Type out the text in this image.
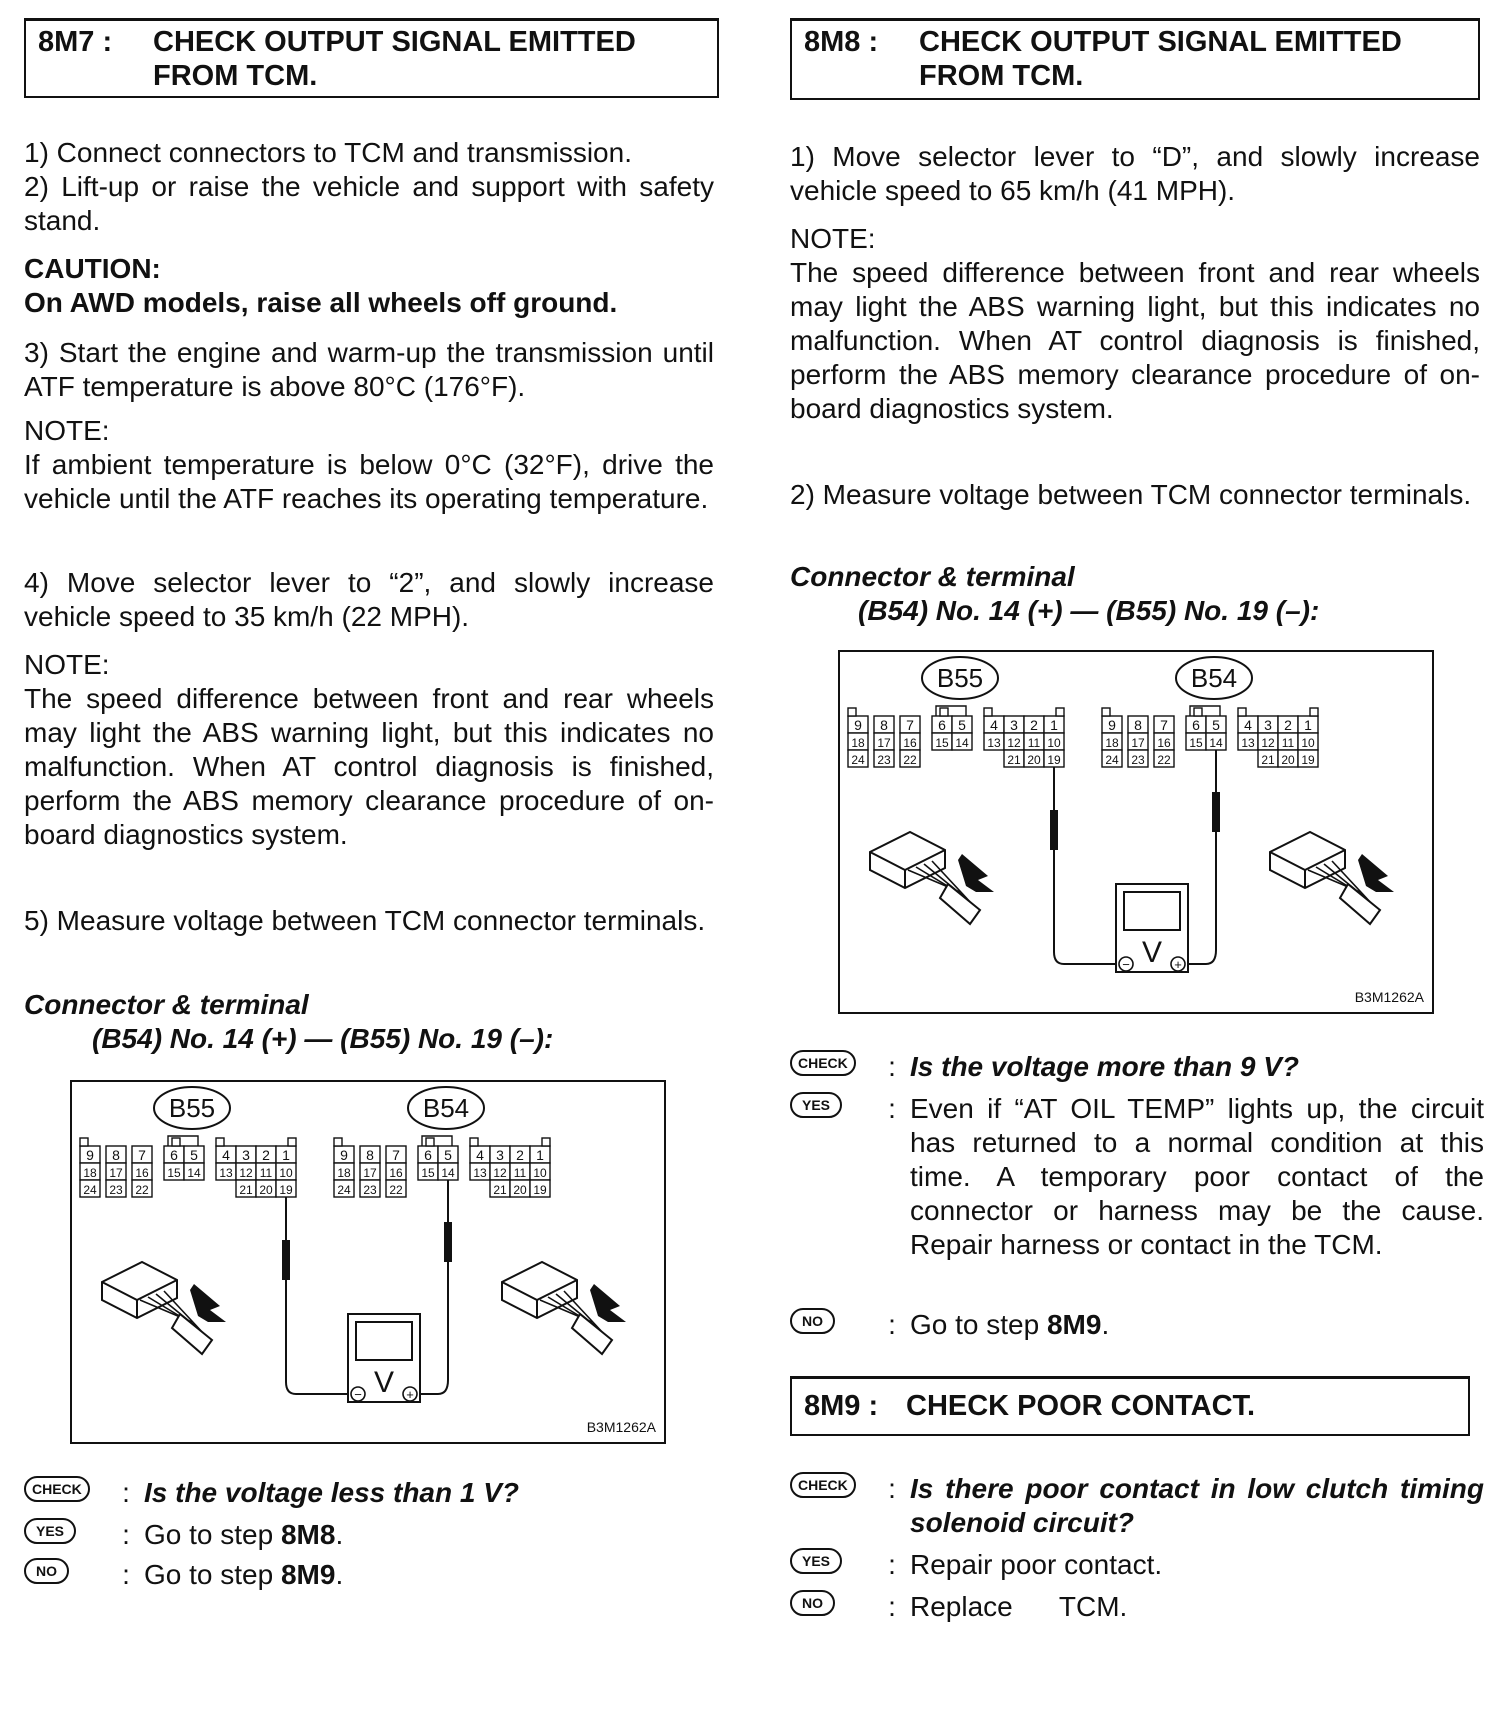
8M7 :	CHECK OUTPUT SIGNAL EMITTED FROM TCM.

1) Connect connectors to TCM and transmission.

2) Lift-up or raise the vehicle and support with safety stand.

CAUTION:

On AWD models, raise all wheels off ground.

3) Start the engine and warm-up the transmission until ATF temperature is above 80°C (176°F).

NOTE:

If ambient temperature is below 0°C (32°F), drive the vehicle until the ATF reaches its operating temperature.

4) Move selector lever to “2”, and slowly increase vehicle speed to 35 km/h (22 MPH).

NOTE:

The speed difference between front and rear wheels may light the ABS warning light, but this indicates no malfunction. When AT control diagnosis is finished, perform the ABS memory clearance procedure of on-board diagnostics system.

5) Measure voltage between TCM connector terminals.

Connector & terminal

(B54) No. 14 (+) — (B55) No. 19 (–):

9
18
8
17
7
16
6
15
5
14
4
13
3
12
2
11
1
10
24 23 22	21 20 19
B55
9
18
8
17
7
16
6
15
5
14
4
13
3
12
2
11
1
10
24 23 22	21 20 19
B54
V
−	+
B3M1262A
CHECK	: Is the voltage less than 1 V?
YES	: Go to step 8M8.
NO	: Go to step 8M9.
8M8 :	CHECK OUTPUT SIGNAL EMITTED FROM TCM.

1) Move selector lever to “D”, and slowly increase vehicle speed to 65 km/h (41 MPH).

NOTE:

The speed difference between front and rear wheels may light the ABS warning light, but this indicates no malfunction. When AT control diagnosis is finished, perform the ABS memory clearance procedure of on-board diagnostics system.

2) Measure voltage between TCM connector terminals.

Connector & terminal

(B54) No. 14 (+) — (B55) No. 19 (–):

9
18
8
17
7
16
6
15
5
14
4
13
3
12
2
11
1
10
24 23 22	21 20 19
B55
9
18
8
17
7
16
6
15
5
14
4
13
3
12
2
11
1
10
24 23 22	21 20 19
B54
V
−	+
B3M1262A
CHECK	: Is the voltage more than 9 V?
YES	: Even if “AT OIL TEMP” lights up, the circuit has returned to a normal condition at this time. A temporary poor contact of the connector or harness may be the cause. Repair harness or contact in the TCM.
NO	: Go to step 8M9.
8M9 : CHECK POOR CONTACT.
CHECK	: Is there poor contact in low clutch timing solenoid circuit?
YES	: Repair poor contact.
NO	: Replace      TCM.
